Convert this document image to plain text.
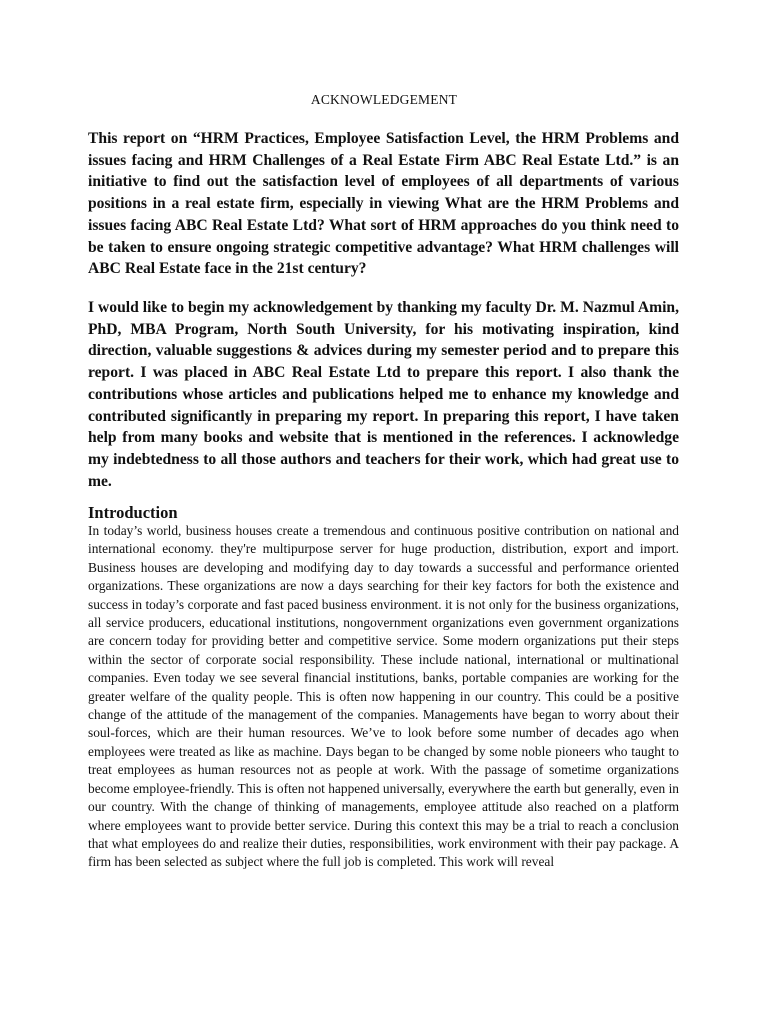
ACKNOWLEDGEMENT

This report on “HRM Practices, Employee Satisfaction Level, the HRM Problems and issues facing and HRM Challenges of a Real Estate Firm ABC Real Estate Ltd.” is an initiative to find out the satisfaction level of employees of all departments of various positions in a real estate firm, especially in viewing What are the HRM Problems and issues facing ABC Real Estate Ltd? What sort of HRM approaches do you think need to be taken to ensure ongoing strategic competitive advantage? What HRM challenges will ABC Real Estate face in the 21st century?

I would like to begin my acknowledgement by thanking my faculty Dr. M. Nazmul Amin, PhD, MBA Program, North South University, for his motivating inspiration, kind direction, valuable suggestions & advices during my semester period and to prepare this report. I was placed in ABC Real Estate Ltd to prepare this report. I also thank the contributions whose articles and publications helped me to enhance my knowledge and contributed significantly in preparing my report. In preparing this report, I have taken help from many books and website that is mentioned in the references. I acknowledge my indebtedness to all those authors and teachers for their work, which had great use to me.

Introduction

In today’s world, business houses create a tremendous and continuous positive contribution on national and international economy. they're multipurpose server for huge production, distribution, export and import. Business houses are developing and modifying day to day towards a successful and performance oriented organizations. These organizations are now a days searching for their key factors for both the existence and success in today’s corporate and fast paced business environment. it is not only for the business organizations, all service producers, educational institutions, nongovernment organizations even government organizations are concern today for providing better and competitive service. Some modern organizations put their steps within the sector of corporate social responsibility. These include national, international or multinational companies. Even today we see several financial institutions, banks, portable companies are working for the greater welfare of the quality people. This is often now happening in our country. This could be a positive change of the attitude of the management of the companies. Managements have began to worry about their soul-forces, which are their human resources. We’ve to look before some number of decades ago when employees were treated as like as machine. Days began to be changed by some noble pioneers who taught to treat employees as human resources not as people at work. With the passage of sometime organizations become employee-friendly. This is often not happened universally, everywhere the earth but generally, even in our country. With the change of thinking of managements, employee attitude also reached on a platform where employees want to provide better service. During this context this may be a trial to reach a conclusion that what employees do and realize their duties, responsibilities, work environment with their pay package. A firm has been selected as subject where the full job is completed. This work will reveal
